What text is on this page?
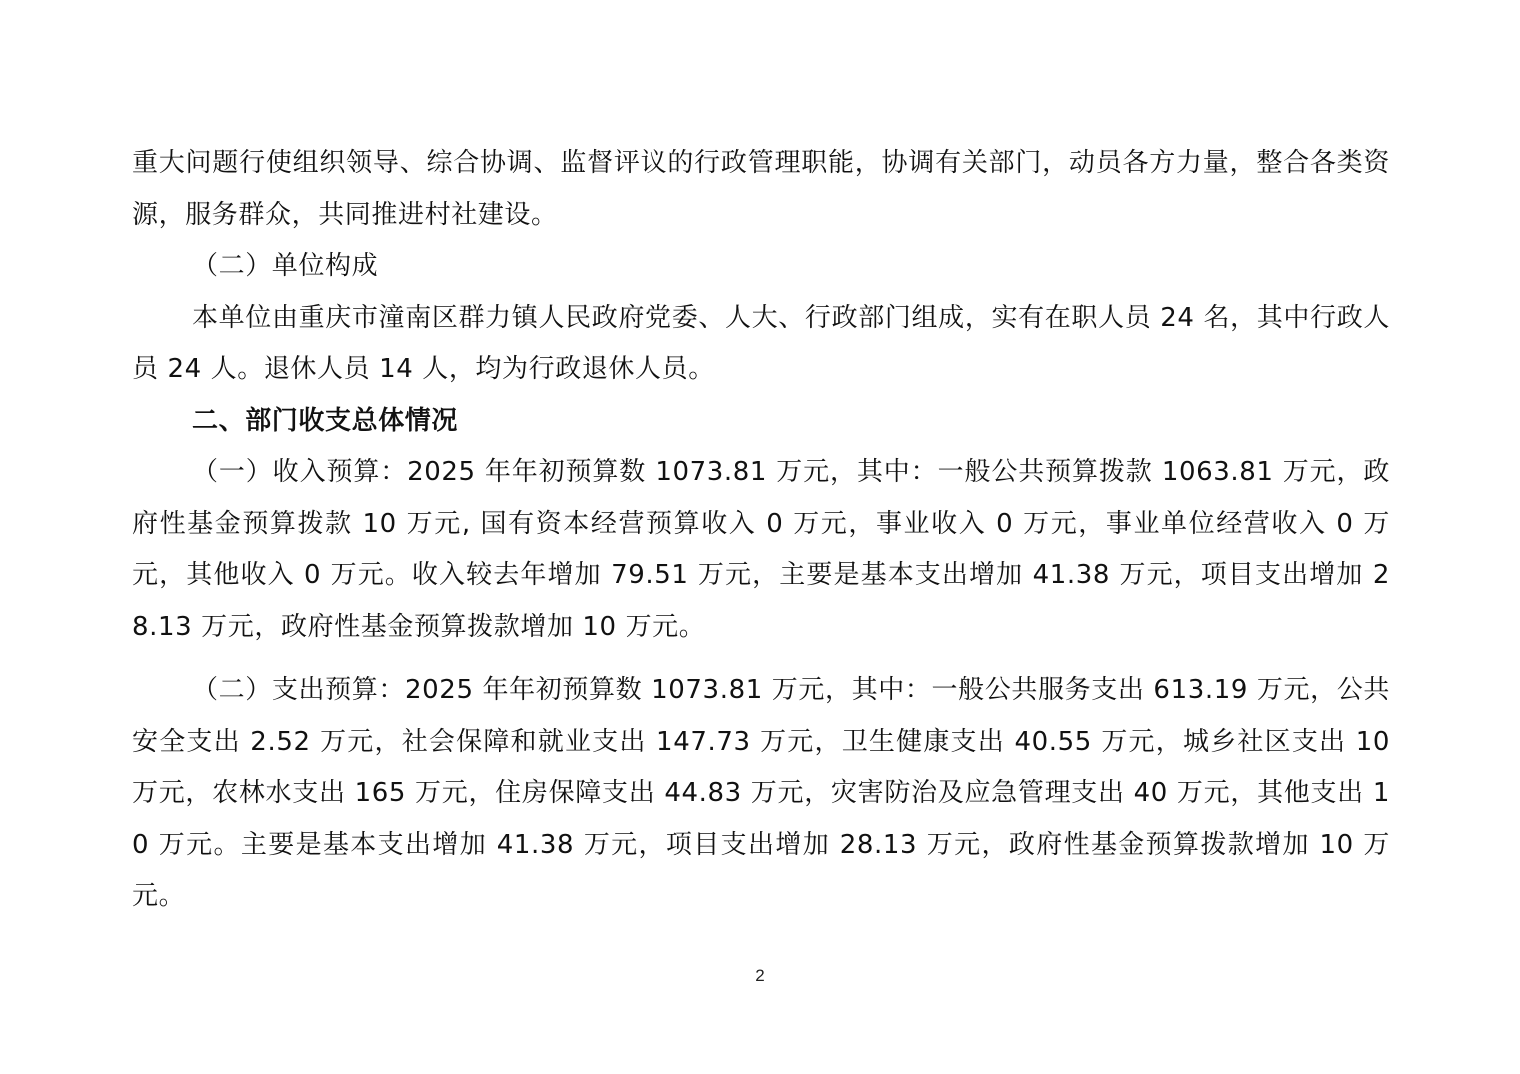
重大问题行使组织领导、综合协调、监督评议的行政管理职能，协调有关部门，动员各方力量，整合各类资源，服务群众，共同推进村社建设。

（二）单位构成

本单位由重庆市潼南区群力镇人民政府党委、人大、行政部门组成，实有在职人员 24 名，其中行政人员 24 人。退休人员 14 人，均为行政退休人员。

二、部门收支总体情况

（一）收入预算：2025 年年初预算数 1073.81 万元，其中：一般公共预算拨款 1063.81 万元，政府性基金预算拨款 10 万元, 国有资本经营预算收入 0 万元，事业收入 0 万元，事业单位经营收入 0 万元，其他收入 0 万元。收入较去年增加 79.51 万元，主要是基本支出增加 41.38 万元，项目支出增加 28.13 万元，政府性基金预算拨款增加 10 万元。

（二）支出预算：2025 年年初预算数 1073.81 万元，其中：一般公共服务支出 613.19 万元，公共安全支出 2.52 万元，社会保障和就业支出 147.73 万元，卫生健康支出 40.55 万元，城乡社区支出 10 万元，农林水支出 165 万元，住房保障支出 44.83 万元，灾害防治及应急管理支出 40 万元，其他支出 10 万元。主要是基本支出增加 41.38 万元，项目支出增加 28.13 万元，政府性基金预算拨款增加 10 万元。

2
